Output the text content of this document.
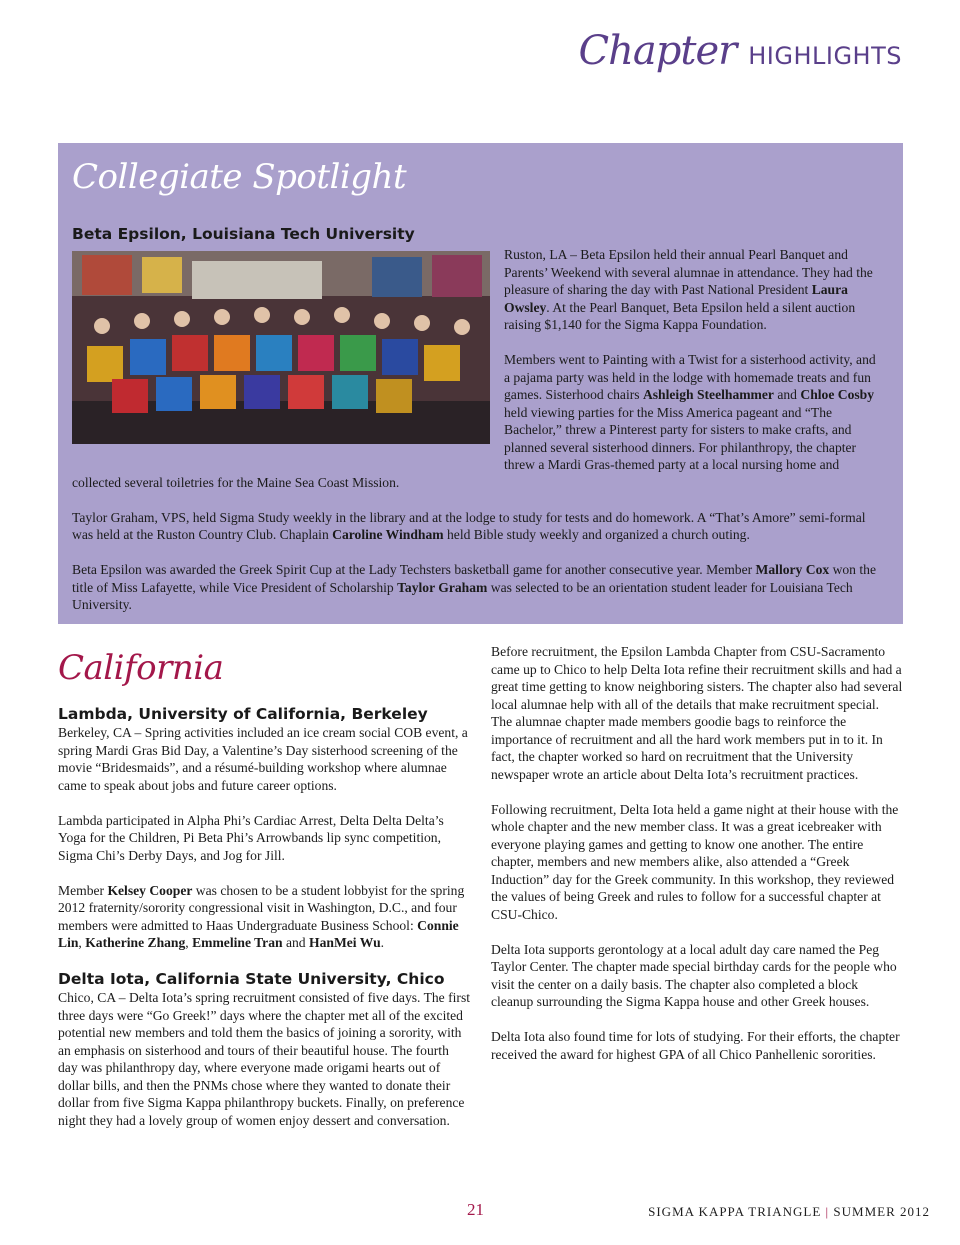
Chapter HIGHLIGHTS
Collegiate Spotlight
Beta Epsilon, Louisiana Tech University

Ruston, LA – Beta Epsilon held their annual Pearl Banquet and Parents’ Weekend with several alumnae in attendance. They had the pleasure of sharing the day with Past National President Laura Owsley. At the Pearl Banquet, Beta Epsilon held a silent auction raising $1,140 for the Sigma Kappa Foundation.

Members went to Painting with a Twist for a sisterhood activity, and a pajama party was held in the lodge with homemade treats and fun games. Sisterhood chairs Ashleigh Steelhammer and Chloe Cosby held viewing parties for the Miss America pageant and “The Bachelor,” threw a Pinterest party for sisters to make crafts, and planned several sisterhood dinners. For philanthropy, the chapter threw a Mardi Gras-themed party at a local nursing home and collected several toiletries for the Maine Sea Coast Mission.

Taylor Graham, VPS, held Sigma Study weekly in the library and at the lodge to study for tests and do homework. A “That’s Amore” semi-formal was held at the Ruston Country Club. Chaplain Caroline Windham held Bible study weekly and organized a church outing.

Beta Epsilon was awarded the Greek Spirit Cup at the Lady Techsters basketball game for another consecutive year. Member Mallory Cox won the title of Miss Lafayette, while Vice President of Scholarship Taylor Graham was selected to be an orientation student leader for Louisiana Tech University.

California
Lambda, University of California, Berkeley

Berkeley, CA – Spring activities included an ice cream social COB event, a spring Mardi Gras Bid Day, a Valentine’s Day sisterhood screening of the movie “Bridesmaids”, and a résumé-building workshop where alumnae came to speak about jobs and future career options.

Lambda participated in Alpha Phi’s Cardiac Arrest, Delta Delta Delta’s Yoga for the Children, Pi Beta Phi’s Arrowbands lip sync competition, Sigma Chi’s Derby Days, and Jog for Jill.

Member Kelsey Cooper was chosen to be a student lobbyist for the spring 2012 fraternity/sorority congressional visit in Washington, D.C., and four members were admitted to Haas Undergraduate Business School: Connie Lin, Katherine Zhang, Emmeline Tran and HanMei Wu.

Delta Iota, California State University, Chico

Chico, CA – Delta Iota’s spring recruitment consisted of five days. The first three days were “Go Greek!” days where the chapter met all of the excited potential new members and told them the basics of joining a sorority, with an emphasis on sisterhood and tours of their beautiful house. The fourth day was philanthropy day, where everyone made origami hearts out of dollar bills, and then the PNMs chose where they wanted to donate their dollar from five Sigma Kappa philanthropy buckets. Finally, on preference night they had a lovely group of women enjoy dessert and conversation.

Before recruitment, the Epsilon Lambda Chapter from CSU-Sacramento came up to Chico to help Delta Iota refine their recruitment skills and had a great time getting to know neighboring sisters. The chapter also had several local alumnae help with all of the details that make recruitment special. The alumnae chapter made members goodie bags to reinforce the importance of recruitment and all the hard work members put in to it. In fact, the chapter worked so hard on recruitment that the University newspaper wrote an article about Delta Iota’s recruitment practices.

Following recruitment, Delta Iota held a game night at their house with the whole chapter and the new member class. It was a great icebreaker with everyone playing games and getting to know one another. The entire chapter, members and new members alike, also attended a “Greek Induction” day for the Greek community. In this workshop, they reviewed the values of being Greek and rules to follow for a successful chapter at CSU-Chico.

Delta Iota supports gerontology at a local adult day care named the Peg Taylor Center. The chapter made special birthday cards for the people who visit the center on a daily basis. The chapter also completed a block cleanup surrounding the Sigma Kappa house and other Greek houses.

Delta Iota also found time for lots of studying. For their efforts, the chapter received the award for highest GPA of all Chico Panhellenic sororities.

21	SIGMA KAPPA TRIANGLE | SUMMER 2012
